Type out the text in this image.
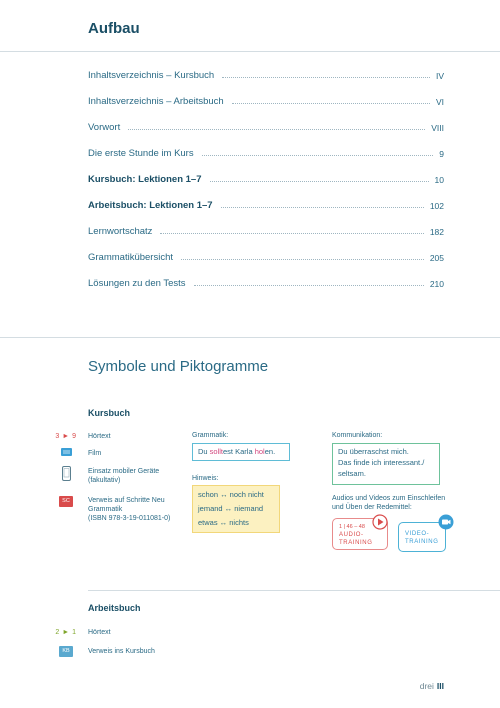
Aufbau
Inhaltsverzeichnis – Kursbuch	IV
Inhaltsverzeichnis – Arbeitsbuch	VI
Vorwort	VIII
Die erste Stunde im Kurs	9
Kursbuch: Lektionen 1–7	10
Arbeitsbuch: Lektionen 1–7	102
Lernwortschatz	182
Grammatikübersicht	205
Lösungen zu den Tests	210
Symbole und Piktogramme
Kursbuch
3 ► 9	Hörtext
Film
Einsatz mobiler Geräte
(fakultativ)
SC	Verweis auf Schritte Neu
Grammatik
(ISBN 978-3-19-011081-0)
Grammatik:
Du solltest Karla holen.
Hinweis:
schon ↔ noch nicht
jemand ↔ niemand
etwas ↔ nichts
Kommunikation:
Du überraschst mich.
Das finde ich interessant./
seltsam.
Audios und Videos zum Einschleifen
und Üben der Redemittel:
1 | 46 – 48
AUDIO-
TRAINING
VIDEO-
TRAINING
Arbeitsbuch
2 ► 1	Hörtext
KB	Verweis ins Kursbuch
drei III
